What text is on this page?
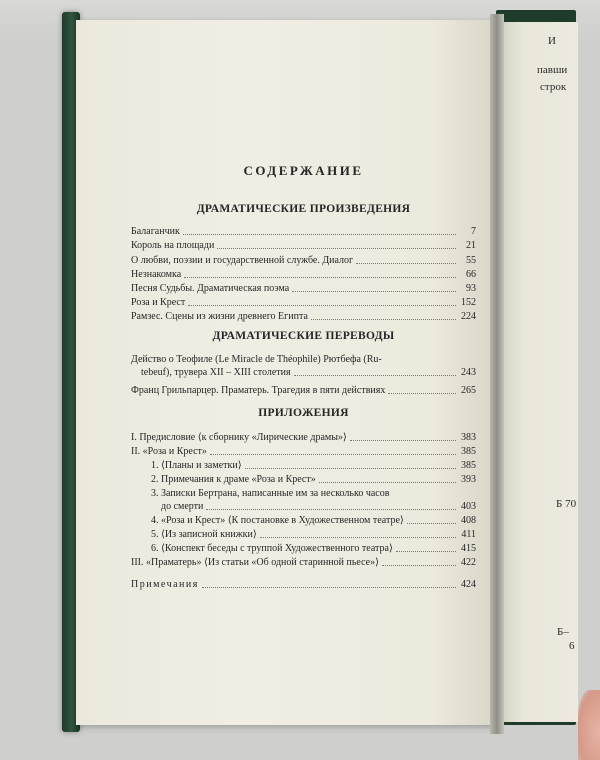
И
павши
строк
Б 70
Б–
6
СОДЕРЖАНИЕ
ДРАМАТИЧЕСКИЕ ПРОИЗВЕДЕНИЯ
Балаганчик	7
Король на площади	21
О любви, поэзии и государственной службе. Диалог	55
Незнакомка	66
Песня Судьбы. Драматическая поэма	93
Роза и Крест	152
Рамзес. Сцены из жизни древнего Египта	224
ДРАМАТИЧЕСКИЕ ПЕРЕВОДЫ
Действо о Теофиле (Le Miracle de Théophile) Рютбефа (Ru-
tebeuf), трувера XII – XIII столетия	243
Франц Грильпарцер. Праматерь. Трагедия в пяти действиях	265
ПРИЛОЖЕНИЯ
I. Предисловие ⟨к сборнику «Лирические драмы»⟩	383
II. «Роза и Крест»	385
1. ⟨Планы и заметки⟩	385
2. Примечания к драме «Роза и Крест»	393
3. Записки Бертрана, написанные им за несколько часов
до смерти	403
4. «Роза и Крест» ⟨К постановке в Художественном театре⟩	408
5. ⟨Из записной книжки⟩	411
6. ⟨Конспект беседы с труппой Художественного театра⟩	415
III. «Праматерь» ⟨Из статьи «Об одной старинной пьесе»⟩	422
Примечания	424
